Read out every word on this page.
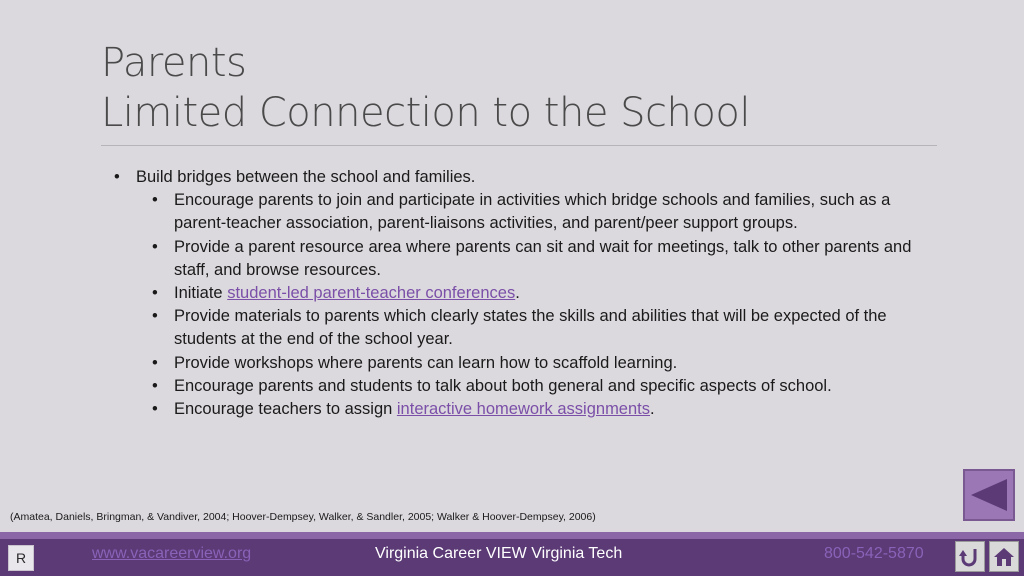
Parents
Limited Connection to the School
• Build bridges between the school and families.
• Encourage parents to join and participate in activities which bridge schools and families, such as a parent-teacher association, parent-liaisons activities, and parent/peer support groups.
• Provide a parent resource area where parents can sit and wait for meetings, talk to other parents and staff, and browse resources.
• Initiate student-led parent-teacher conferences.
• Provide materials to parents which clearly states the skills and abilities that will be expected of the students at the end of the school year.
• Provide workshops where parents can learn how to scaffold learning.
• Encourage parents and students to talk about both general and specific aspects of school.
• Encourage teachers to assign interactive homework assignments.
(Amatea, Daniels, Bringman, & Vandiver, 2004; Hoover-Dempsey, Walker, & Sandler, 2005; Walker & Hoover-Dempsey, 2006)
R	www.vacareerview.org	Virginia Career VIEW Virginia Tech	800-542-5870
